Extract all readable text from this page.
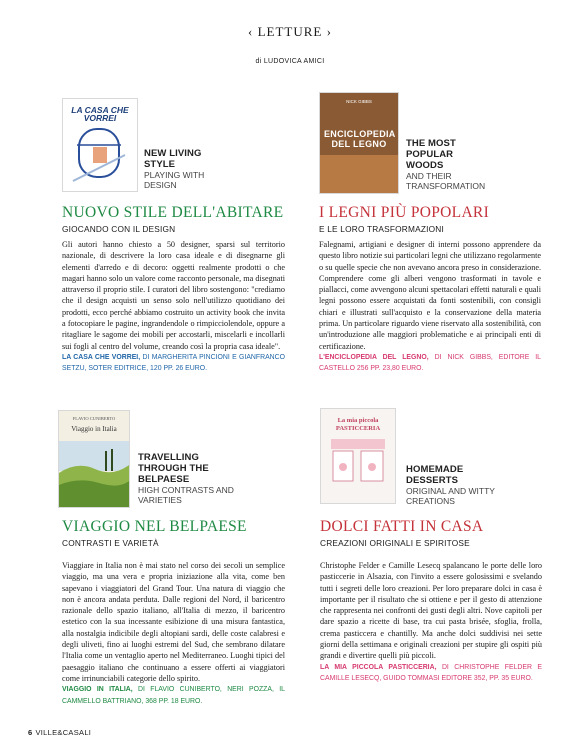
‹ LETTURE ›
di LUDOVICA AMICI
LA CASA CHE VORREI
NEW LIVING STYLE
PLAYING WITH DESIGN
NUOVO STILE DELL'ABITARE
GIOCANDO CON IL DESIGN

Gli autori hanno chiesto a 50 designer, sparsi sul territorio nazionale, di descrivere la loro casa ideale e di disegnarne gli elementi d'arredo e di decoro: oggetti realmente prodotti o che magari hanno solo un valore come racconto personale, ma disegnati attraverso il proprio stile. I curatori del libro sostengono: "crediamo che il design acquisti un senso solo nell'utilizzo quotidiano dei prodotti, ecco perché abbiamo costruito un activity book che invita a fotocopiare le pagine, ingrandendole o rimpicciolendole, oppure a ritagliare le sagome dei mobili per accostarli, miscelarli e incollarli sui fogli al centro del volume, creando così la propria casa ideale".

LA CASA CHE VORREI, DI MARGHERITA PINCIONI E GIANFRANCO SETZU, SOTER EDITRICE, 120 PP. 26 EURO.
NICK GIBBS
ENCICLOPEDIA DEL LEGNO	THE MOST POPULAR WOODS
AND THEIR TRANSFORMATION
I LEGNI PIÙ POPOLARI
E LE LORO TRASFORMAZIONI

Falegnami, artigiani e designer di interni possono apprendere da questo libro notizie sui particolari legni che utilizzano regolarmente o su quelle specie che non avevano ancora preso in considerazione. Comprendere come gli alberi vengono trasformati in tavole e piallacci, come avvengono alcuni spettacolari effetti naturali e quali legni possono essere acquistati da fonti sostenibili, con consigli chiari e illustrati sull'acquisto e la conservazione della materia prima. Un particolare riguardo viene riservato alla sostenibilità, con un'introduzione alle maggiori problematiche e ai principali enti di certificazione.

L'ENCICLOPEDIA DEL LEGNO, DI NICK GIBBS, EDITORE IL CASTELLO 256 PP. 23,80 EURO.
FLAVIO CUNIBERTO
Viaggio in Italia
TRAVELLING THROUGH THE BELPAESE
HIGH CONTRASTS AND VARIETIES
VIAGGIO NEL BELPAESE
CONTRASTI E VARIETÀ

Viaggiare in Italia non è mai stato nel corso dei secoli un semplice viaggio, ma una vera e propria iniziazione alla vita, come ben sapevano i viaggiatori del Grand Tour. Una natura di viaggio che non è ancora andata perduta. Dalle regioni del Nord, il baricentro razionale dello spazio italiano, all'Italia di mezzo, il baricentro estetico con la sua incessante esibizione di una misura fantastica, alla nostalgia indicibile degli altopiani sardi, delle coste calabresi e degli uliveti, fino ai luoghi estremi del Sud, che sembrano dilatare l'Italia come un ventaglio aperto nel Mediterraneo. Luoghi tipici del paesaggio italiano che continuano a essere offerti ai viaggiatori come irrinunciabili categorie dello spirito.

VIAGGIO IN ITALIA, DI FLAVIO CUNIBERTO, NERI POZZA, IL CAMMELLO BATTRIANO, 368 PP. 18 EURO.
La mia piccola PASTICCERIA
HOMEMADE DESSERTS
ORIGINAL AND WITTY CREATIONS
DOLCI FATTI IN CASA
CREAZIONI ORIGINALI E SPIRITOSE

Christophe Felder e Camille Lesecq spalancano le porte delle loro pasticcerie in Alsazia, con l'invito a essere golosissimi e svelando tutti i segreti delle loro creazioni. Per loro preparare dolci in casa è importante per il risultato che si ottiene e per il gesto di attenzione che rappresenta nei confronti dei gusti degli altri. Nove capitoli per dare spazio a ricette di base, tra cui pasta brisée, sfoglia, frolla, crema pasticcera e chantilly. Ma anche dolci suddivisi nei sette giorni della settimana e originali creazioni per stupire gli ospiti più grandi e divertire quelli più piccoli.

LA MIA PICCOLA PASTICCERIA, DI CHRISTOPHE FELDER E CAMILLE LESECQ, GUIDO TOMMASI EDITORE 352, PP. 35 EURO.
6 VILLE&CASALI
